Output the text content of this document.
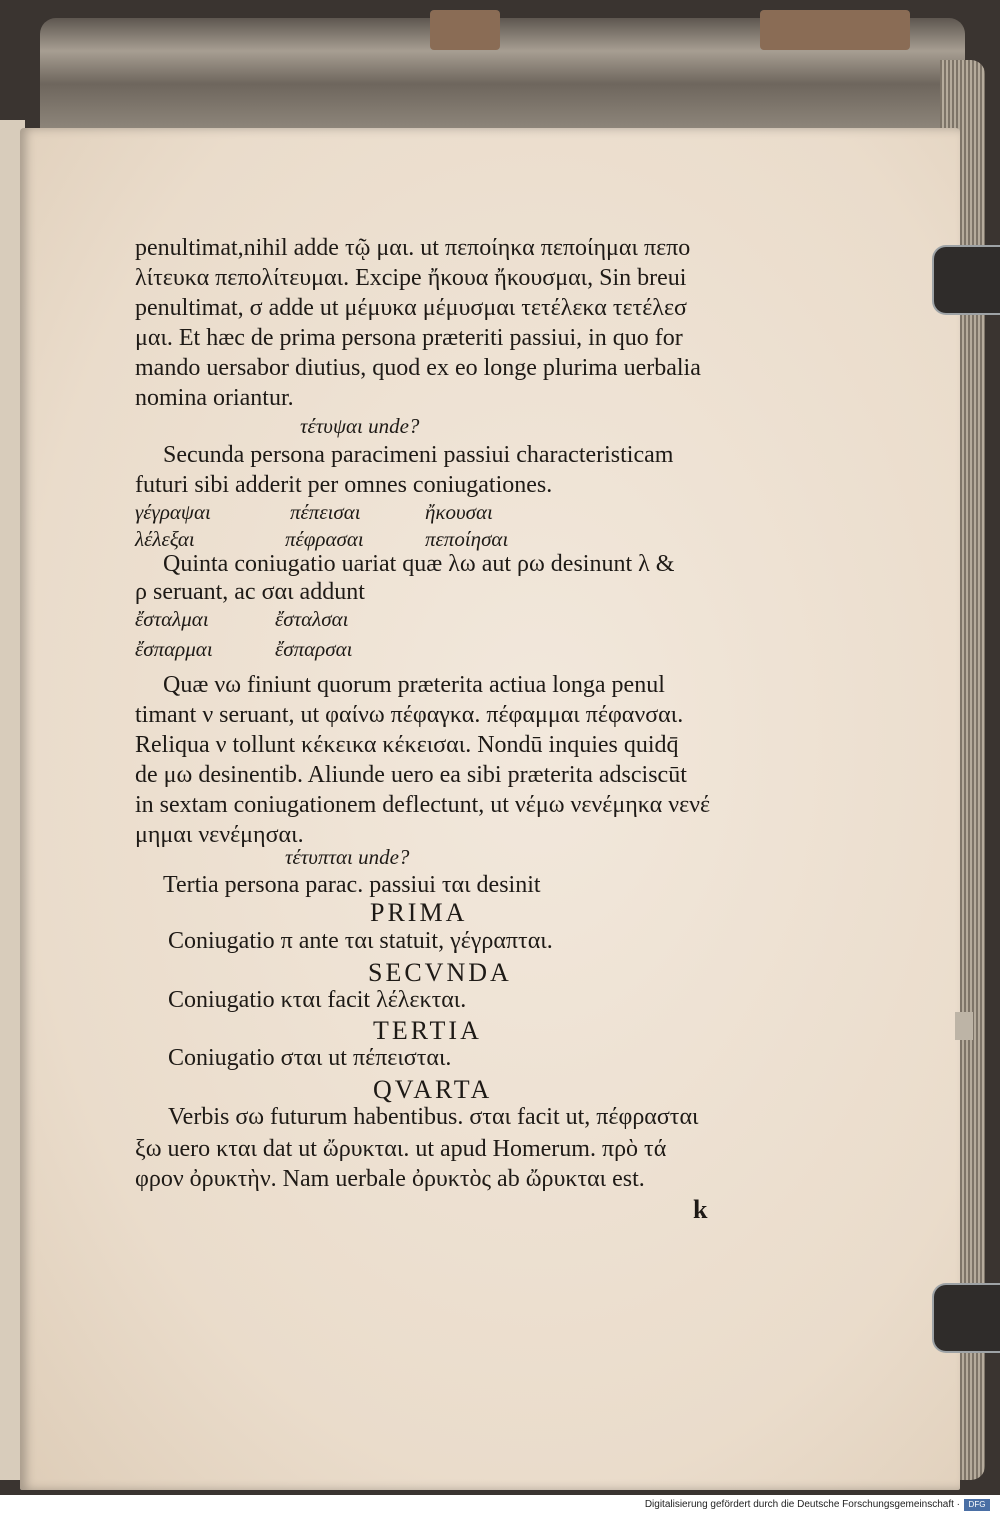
penultimat,nihil adde τῷ μαι. ut πεποίηκα πεποίημαι πεπο
λίτευκα πεπολίτευμαι. Excipe ἤκουα ἤκουσμαι, Sin breui
penultimat, σ adde ut μέμυκα μέμυσμαι τετέλεκα τετέλεσ
μαι. Et hæc de prima persona præteriti passiui, in quo for
mando uersabor diutius, quod ex eo longe plurima uerbalia
nomina oriantur.
τέτυψαι unde?
Secunda persona paracimeni passiui characteristicam
futuri sibi adderit per omnes coniugationes.
γέγραψαι	πέπεισαι	ἤκουσαι
λέλεξαι	πέφρασαι	πεποίησαι
Quinta coniugatio uariat quæ λω aut ρω desinunt λ &
ρ seruant, ac σαι addunt
ἔσταλμαι	ἔσταλσαι
ἔσπαρμαι	ἔσπαρσαι
Quæ νω finiunt quorum præterita actiua longa penul
timant ν seruant, ut φαίνω πέφαγκα. πέφαμμαι πέφανσαι.
Reliqua ν tollunt κέκεικα κέκεισαι. Nondū inquies quidq̄
de μω desinentib. Aliunde uero ea sibi præterita adsciscūt
in sextam coniugationem deflectunt, ut νέμω νενέμηκα νενέ
μημαι νενέμησαι.
τέτυπται unde?
Tertia persona parac. passiui ται desinit
PRIMA
Coniugatio π ante ται statuit, γέγραπται.
SECVNDA
Coniugatio κται facit λέλεκται.
TERTIA
Coniugatio σται ut πέπεισται.
QVARTA
Verbis σω futurum habentibus. σται facit ut, πέφρασται
ξω uero κται dat ut ὤρυκται. ut apud Homerum. πρὸ τά
φρον ὀρυκτὴν. Nam uerbale ὀρυκτὸς ab ὤρυκται est.
k
Digitalisierung gefördert durch die Deutsche Forschungsgemeinschaft ·	DFG
